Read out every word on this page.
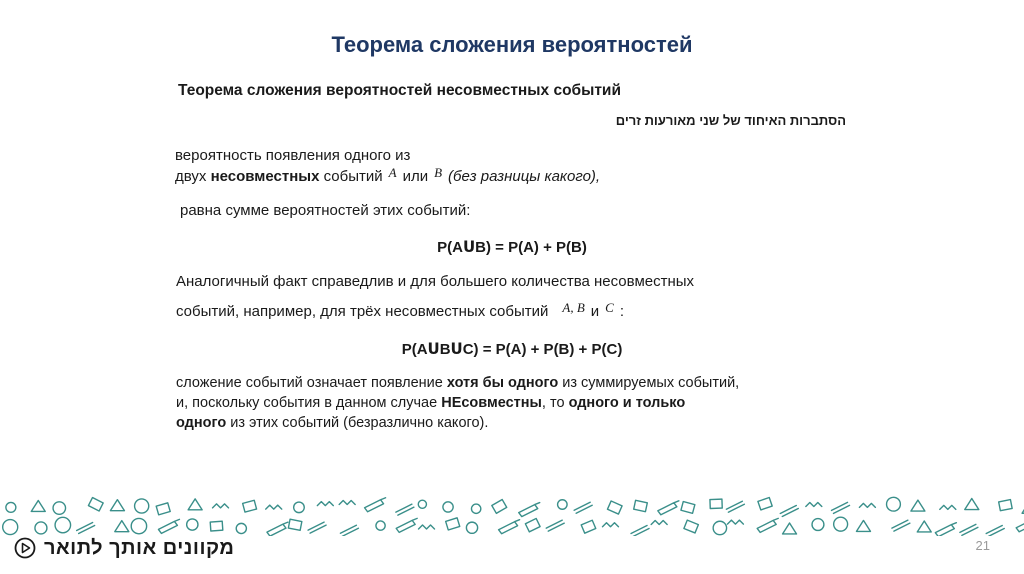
Теорема сложения вероятностей
Теорема сложения вероятностей несовместных событий

הסתברות האיחוד של שני מאורעות זרים

вероятность появления одного из

двух несовместных событий A или B (без разницы какого),

равна сумме вероятностей этих событий:

P(AᑌB) = P(A) + P(B)

Аналогичный факт справедлив и для большего количества несовместных

событий, например, для трёх несовместных событий A, B и C :

P(AᑌBᑌC) = P(A) + P(B) + P(C)

сложение событий означает появление хотя бы одного из суммируемых событий,

и, поскольку события в данном случае НЕсовместны, то одного и только

одного из этих событий (безразлично какого).

מקוונים אותך לתואר	21
